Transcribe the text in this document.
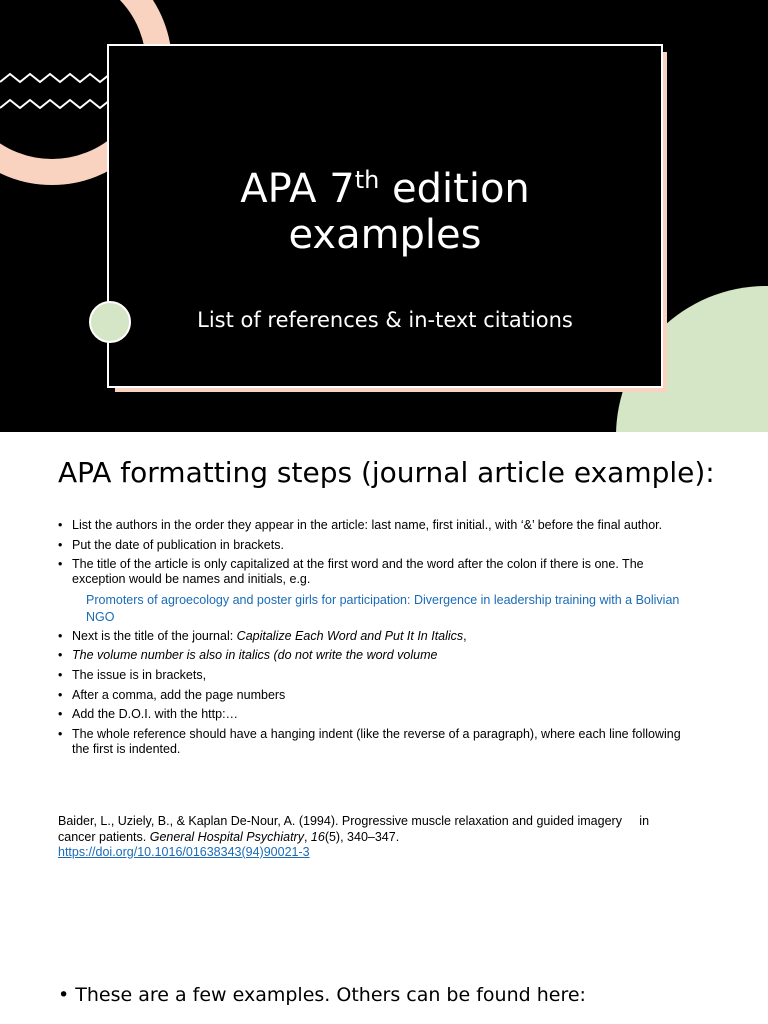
APA 7th edition
examples

List of references & in-text citations

APA formatting steps (journal article example):
• List the authors in the order they appear in the article: last name, first initial., with ‘&’ before the final author.
• Put the date of publication in brackets.
• The title of the article is only capitalized at the first word and the word after the colon if there is one. The exception would be names and initials, e.g.
Promoters of agroecology and poster girls for participation: Divergence in leadership training with a Bolivian NGO
• Next is the title of the journal: Capitalize Each Word and Put It In Italics,
• The volume number is also in italics (do not write the word volume
• The issue is in brackets,
• After a comma, add the page numbers
• Add the D.O.I. with the http:…
• The whole reference should have a hanging indent (like the reverse of a paragraph), where each line following the first is indented.

Baider, L., Uziely, B., & Kaplan De-Nour, A. (1994). Progressive muscle relaxation and guided imagery     in cancer patients. General Hospital Psychiatry, 16(5), 340–347.
https://doi.org/10.1016/01638343(94)90021-3

• These are a few examples. Others can be found here:
